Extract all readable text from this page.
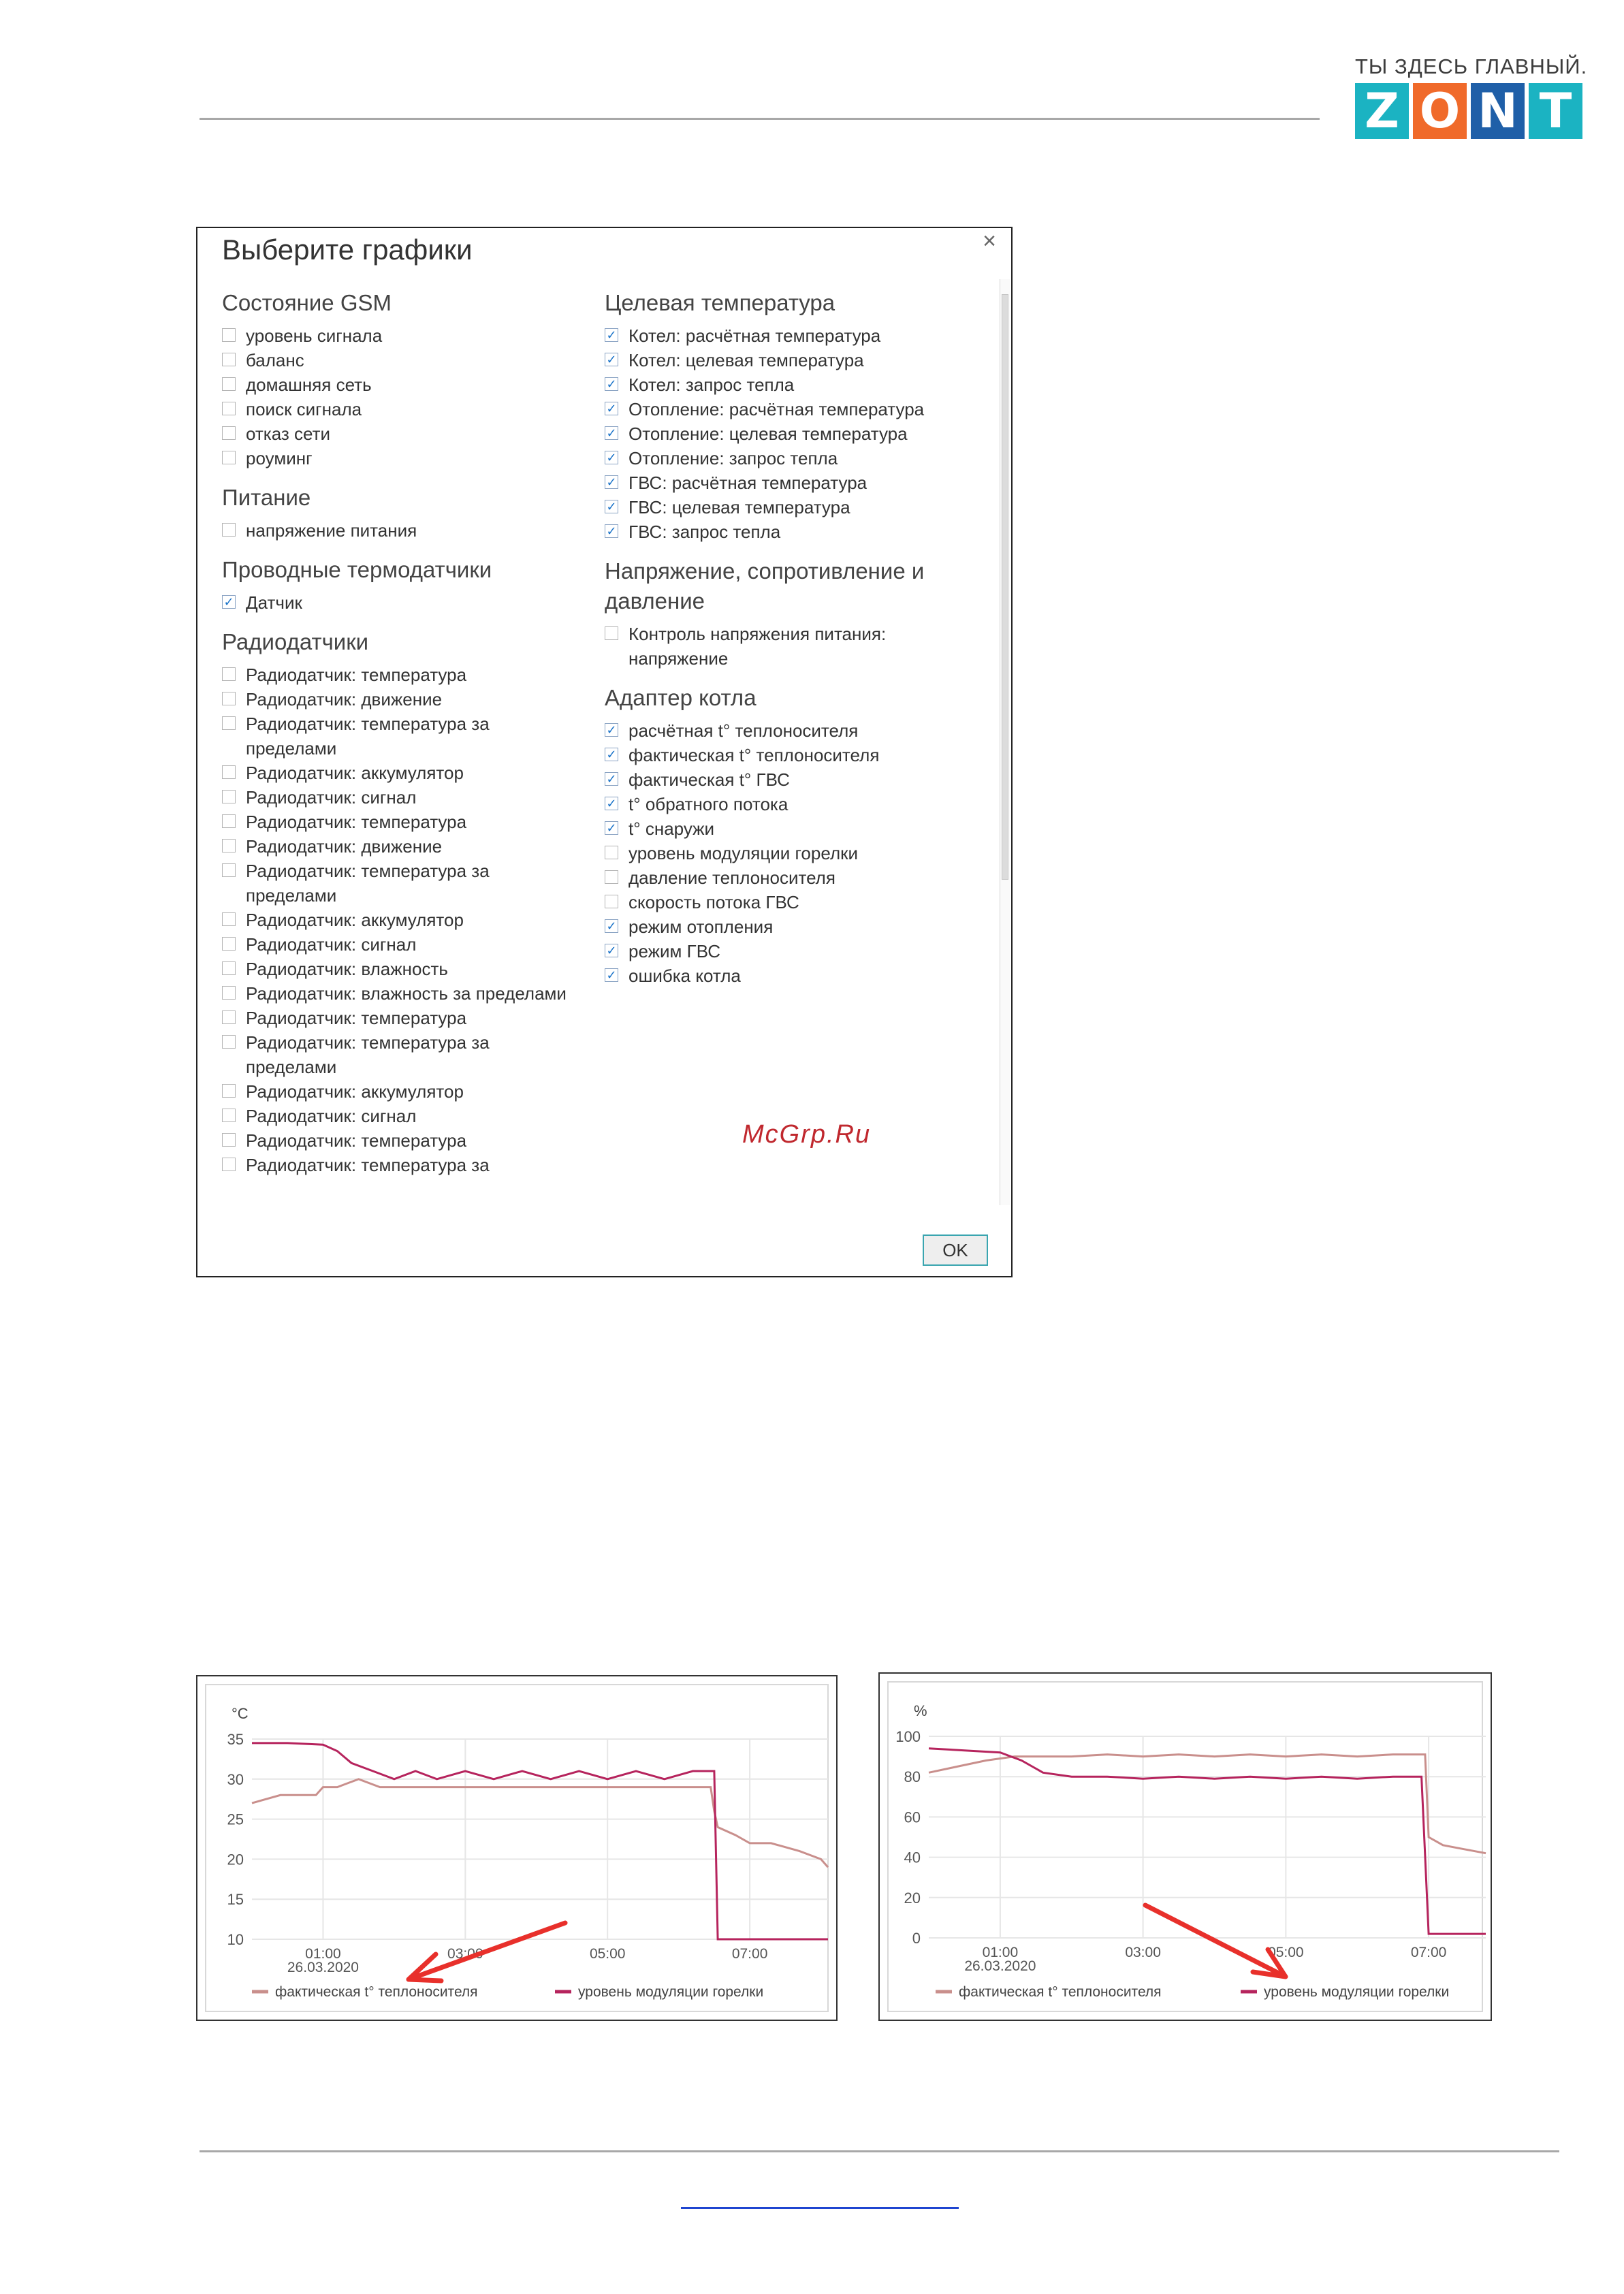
ТЫ ЗДЕСЬ ГЛАВНЫЙ.
Z O N T
Выберите графики	×
Состояние GSM
уровень сигнала
баланс
домашняя сеть
поиск сигнала
отказ сети
роуминг
Питание
напряжение питания
Проводные термодатчики
✓ Датчик
Радиодатчики
Радиодатчик: температура
Радиодатчик: движение
Радиодатчик: температура за пределами
Радиодатчик: аккумулятор
Радиодатчик: сигнал
Радиодатчик: температура
Радиодатчик: движение
Радиодатчик: температура за пределами
Радиодатчик: аккумулятор
Радиодатчик: сигнал
Радиодатчик: влажность
Радиодатчик: влажность за пределами
Радиодатчик: температура
Радиодатчик: температура за пределами
Радиодатчик: аккумулятор
Радиодатчик: сигнал
Радиодатчик: температура
Радиодатчик: температура за
Целевая температура
✓ Котел: расчётная температура
✓ Котел: целевая температура
✓ Котел: запрос тепла
✓ Отопление: расчётная температура
✓ Отопление: целевая температура
✓ Отопление: запрос тепла
✓ ГВС: расчётная температура
✓ ГВС: целевая температура
✓ ГВС: запрос тепла
Напряжение, сопротивление и давление
Контроль напряжения питания: напряжение
Адаптер котла
✓ расчётная t° теплоносителя
✓ фактическая t° теплоносителя
✓ фактическая t° ГВС
✓ t° обратного потока
✓ t° снаружи
уровень модуляции горелки
давление теплоносителя
скорость потока ГВС
✓ режим отопления
✓ режим ГВС
✓ ошибка котла
McGrp.Ru
OK
°C
35
30
25
20
15
10
01:00	03:00	05:00	07:00
26.03.2020
фактическая t° теплоносителя	уровень модуляции горелки
%
100
80
60
40
20
0
01:00	03:00	05:00	07:00
26.03.2020
фактическая t° теплоносителя	уровень модуляции горелки
